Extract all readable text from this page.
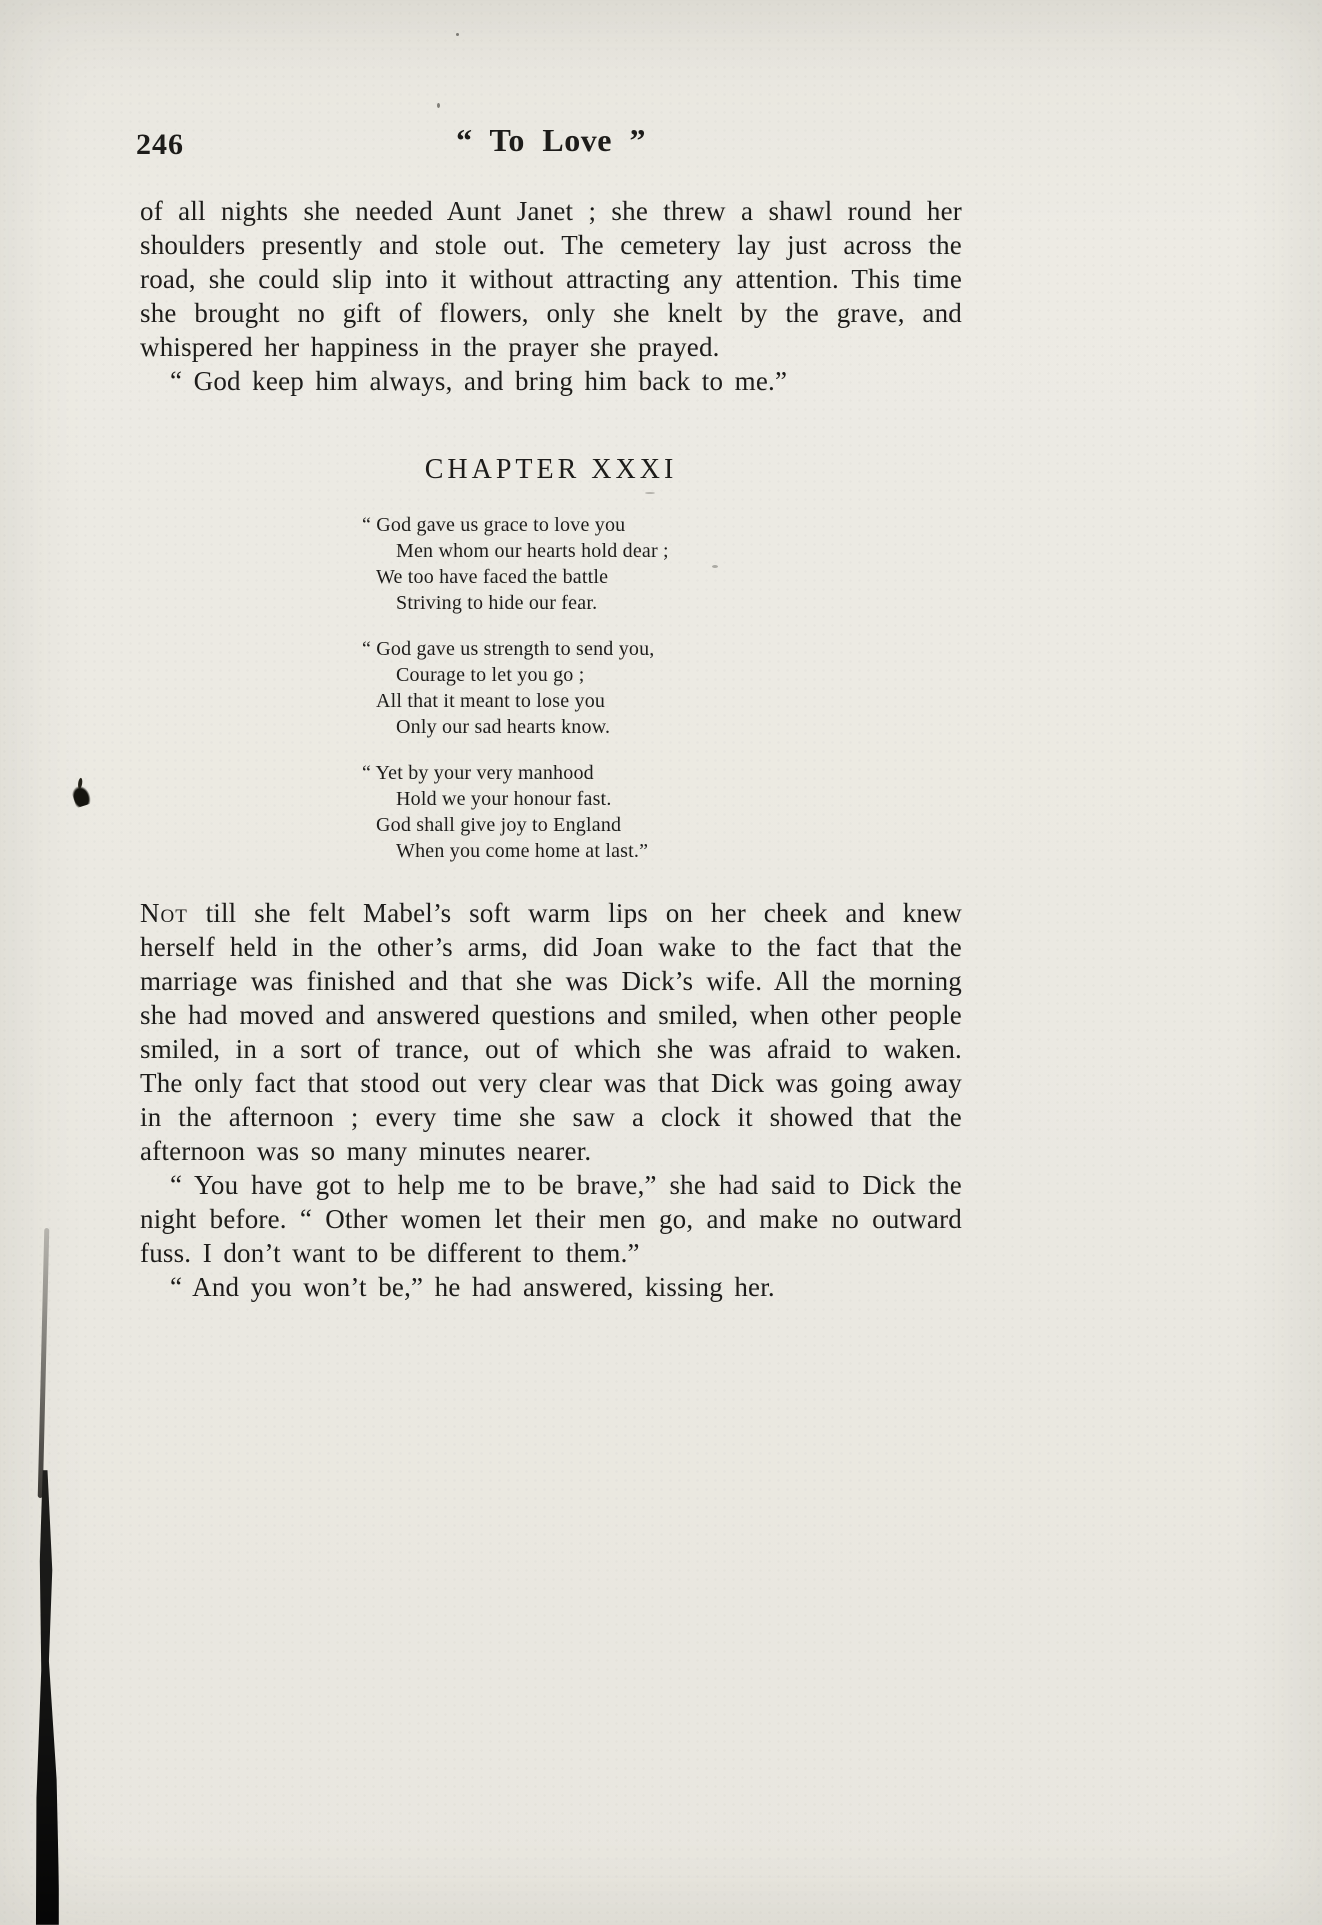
246	“ To Love ”

of all nights she needed Aunt Janet ; she threw a shawl round her shoulders presently and stole out. The cemetery lay just across the road, she could slip into it without attracting any attention. This time she brought no gift of flowers, only she knelt by the grave, and whispered her happiness in the prayer she prayed.

“ God keep him always, and bring him back to me.”

CHAPTER XXXI
“ God gave us grace to love you
Men whom our hearts hold dear ;
We too have faced the battle
Striving to hide our fear.
“ God gave us strength to send you,
Courage to let you go ;
All that it meant to lose you
Only our sad hearts know.
“ Yet by your very manhood
Hold we your honour fast.
God shall give joy to England
When you come home at last.”

Not till she felt Mabel’s soft warm lips on her cheek and knew herself held in the other’s arms, did Joan wake to the fact that the marriage was finished and that she was Dick’s wife. All the morning she had moved and answered questions and smiled, when other people smiled, in a sort of trance, out of which she was afraid to waken. The only fact that stood out very clear was that Dick was going away in the afternoon ; every time she saw a clock it showed that the afternoon was so many minutes nearer.

“ You have got to help me to be brave,” she had said to Dick the night before. “ Other women let their men go, and make no outward fuss. I don’t want to be different to them.”

“ And you won’t be,” he had answered, kissing her.
